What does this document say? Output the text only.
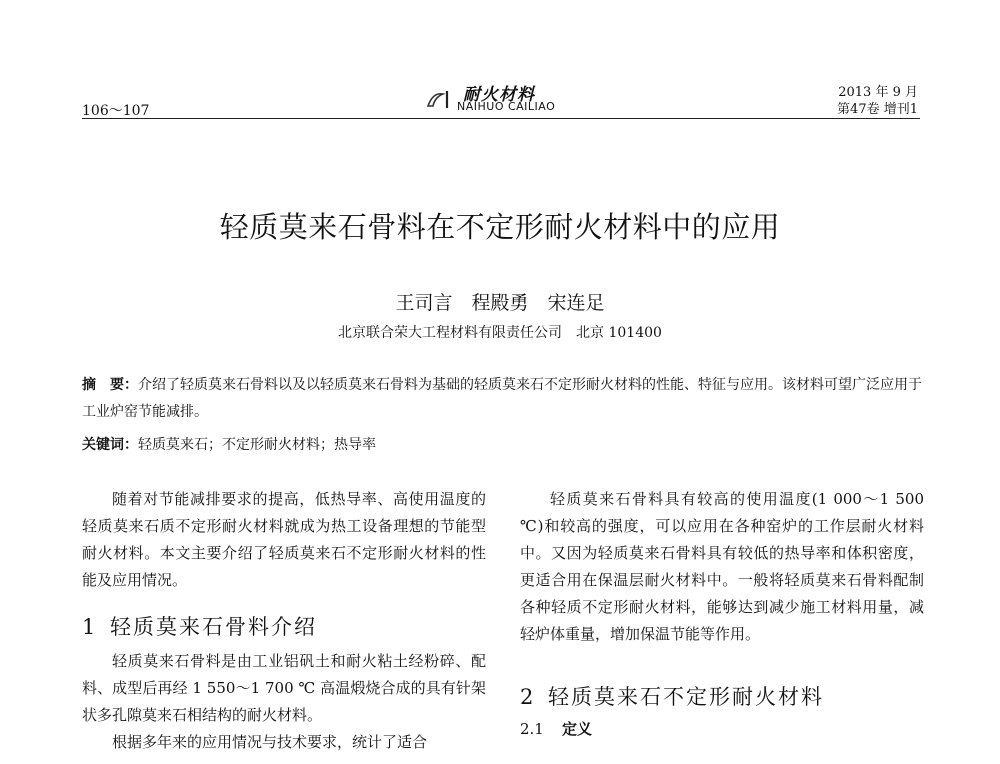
106～107
耐火材料
NAIHUO CAILIAO
2013 年 9 月
第47卷 增刊1
轻质莫来石骨料在不定形耐火材料中的应用
王司言　程殿勇　宋连足
北京联合荣大工程材料有限责任公司　北京 101400
摘　要：介绍了轻质莫来石骨料以及以轻质莫来石骨料为基础的轻质莫来石不定形耐火材料的性能、特征与应用。该材料可望广泛应用于工业炉窑节能减排。
关键词：轻质莫来石；不定形耐火材料；热导率

随着对节能减排要求的提高，低热导率、高使用温度的轻质莫来石质不定形耐火材料就成为热工设备理想的节能型耐火材料。本文主要介绍了轻质莫来石不定形耐火材料的性能及应用情况。

1 轻质莫来石骨料介绍

轻质莫来石骨料是由工业铝矾土和耐火粘土经粉碎、配料、成型后再经 1 550～1 700 ℃ 高温煅烧合成的具有针架状多孔隙莫来石相结构的耐火材料。

根据多年来的应用情况与技术要求，统计了适合

轻质莫来石骨料具有较高的使用温度(1 000～1 500 ℃)和较高的强度，可以应用在各种窑炉的工作层耐火材料中。又因为轻质莫来石骨料具有较低的热导率和体积密度，更适合用在保温层耐火材料中。一般将轻质莫来石骨料配制各种轻质不定形耐火材料，能够达到减少施工材料用量，减轻炉体重量，增加保温节能等作用。

2 轻质莫来石不定形耐火材料
2.1 定义
